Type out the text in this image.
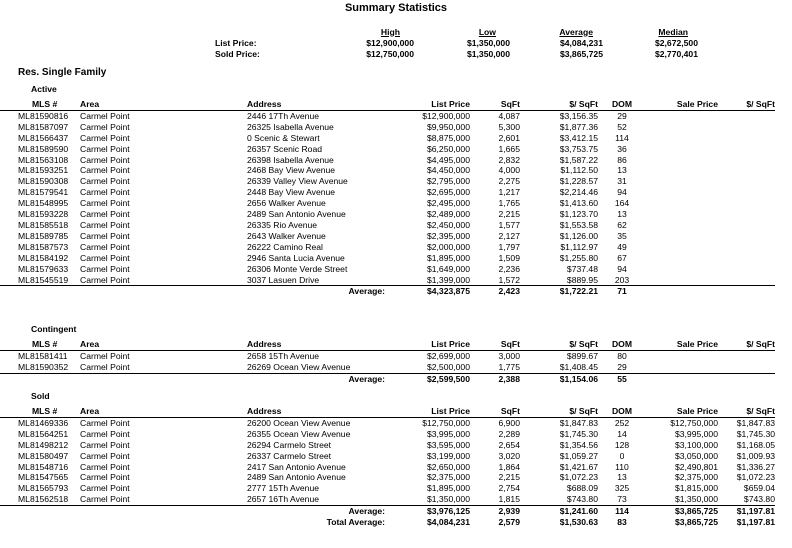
Summary Statistics
	High	Low	Average	Median
List Price:	$12,900,000	$1,350,000	$4,084,231	$2,672,500
Sold Price:	$12,750,000	$1,350,000	$3,865,725	$2,770,401
Res. Single Family
Active
MLS #	Area	Address	List Price	SqFt	$/ SqFt	DOM	Sale Price	$/ SqFt
ML81590816	Carmel Point	2446 17Th Avenue	$12,900,000	4,087	$3,156.35	29		
ML81587097	Carmel Point	26325 Isabella Avenue	$9,950,000	5,300	$1,877.36	52		
ML81566437	Carmel Point	0 Scenic & Stewart	$8,875,000	2,601	$3,412.15	114		
ML81589590	Carmel Point	26357 Scenic Road	$6,250,000	1,665	$3,753.75	36		
ML81563108	Carmel Point	26398 Isabella Avenue	$4,495,000	2,832	$1,587.22	86		
ML81593251	Carmel Point	2468 Bay View Avenue	$4,450,000	4,000	$1,112.50	13		
ML81590308	Carmel Point	26339 Valley View Avenue	$2,795,000	2,275	$1,228.57	31		
ML81579541	Carmel Point	2448 Bay View Avenue	$2,695,000	1,217	$2,214.46	94		
ML81548995	Carmel Point	2656 Walker Avenue	$2,495,000	1,765	$1,413.60	164		
ML81593228	Carmel Point	2489 San Antonio Avenue	$2,489,000	2,215	$1,123.70	13		
ML81585518	Carmel Point	26335 Rio Avenue	$2,450,000	1,577	$1,553.58	62		
ML81589785	Carmel Point	2643 Walker Avenue	$2,395,000	2,127	$1,126.00	35		
ML81587573	Carmel Point	26222 Camino Real	$2,000,000	1,797	$1,112.97	49		
ML81584192	Carmel Point	2946 Santa Lucia Avenue	$1,895,000	1,509	$1,255.80	67		
ML81579633	Carmel Point	26306 Monte Verde Street	$1,649,000	2,236	$737.48	94		
ML81545519	Carmel Point	3037 Lasuen Drive	$1,399,000	1,572	$889.95	203		
		Average:	$4,323,875	2,423	$1,722.21	71		
Contingent
MLS #	Area	Address	List Price	SqFt	$/ SqFt	DOM	Sale Price	$/ SqFt
ML81581411	Carmel Point	2658 15Th Avenue	$2,699,000	3,000	$899.67	80		
ML81590352	Carmel Point	26269 Ocean View Avenue	$2,500,000	1,775	$1,408.45	29		
		Average:	$2,599,500	2,388	$1,154.06	55		
Sold
MLS #	Area	Address	List Price	SqFt	$/ SqFt	DOM	Sale Price	$/ SqFt
ML81469336	Carmel Point	26200 Ocean View Avenue	$12,750,000	6,900	$1,847.83	252	$12,750,000	$1,847.83
ML81564251	Carmel Point	26355 Ocean View Avenue	$3,995,000	2,289	$1,745.30	14	$3,995,000	$1,745.30
ML81498212	Carmel Point	26294 Carmelo Street	$3,595,000	2,654	$1,354.56	128	$3,100,000	$1,168.05
ML81580497	Carmel Point	26337 Carmelo Street	$3,199,000	3,020	$1,059.27	0	$3,050,000	$1,009.93
ML81548716	Carmel Point	2417 San Antonio Avenue	$2,650,000	1,864	$1,421.67	110	$2,490,801	$1,336.27
ML81547565	Carmel Point	2489 San Antonio Avenue	$2,375,000	2,215	$1,072.23	13	$2,375,000	$1,072.23
ML81565793	Carmel Point	2777 15Th Avenue	$1,895,000	2,754	$688.09	325	$1,815,000	$659.04
ML81562518	Carmel Point	2657 16Th Avenue	$1,350,000	1,815	$743.80	73	$1,350,000	$743.80
		Average:	$3,976,125	2,939	$1,241.60	114	$3,865,725	$1,197.81
		Total Average:	$4,084,231	2,579	$1,530.63	83	$3,865,725	$1,197.81
